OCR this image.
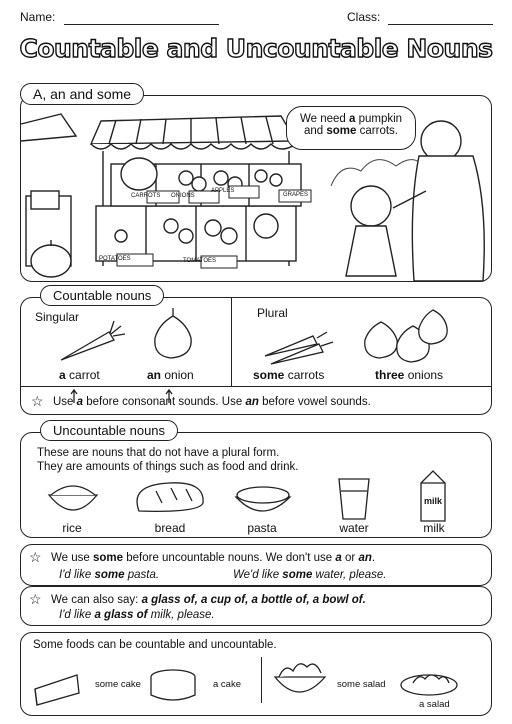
Name:	Class:
Countable and Uncountable Nouns
CARROTS ONIONS
APPLES
GRAPES
POTATOES	TOMATOES
We need a pumpkin
and some carrots.
A, an and some
Singular	Plural
a carrot	an onion	some carrots	three onions
☆ Use a before consonant sounds. Use an before vowel sounds.
Countable nouns
These are nouns that do not have a plural form.
They are amounts of things such as food and drink.
milk
rice	bread	pasta	water	milk
Uncountable nouns
☆ We use some before uncountable nouns. We don't use a or an.
I'd like some pasta.	We'd like some water, please.
☆ We can also say: a glass of, a cup of, a bottle of, a bowl of.
I'd like a glass of milk, please.
Some foods can be countable and uncountable.
some cake	a cake	some salad
a salad
